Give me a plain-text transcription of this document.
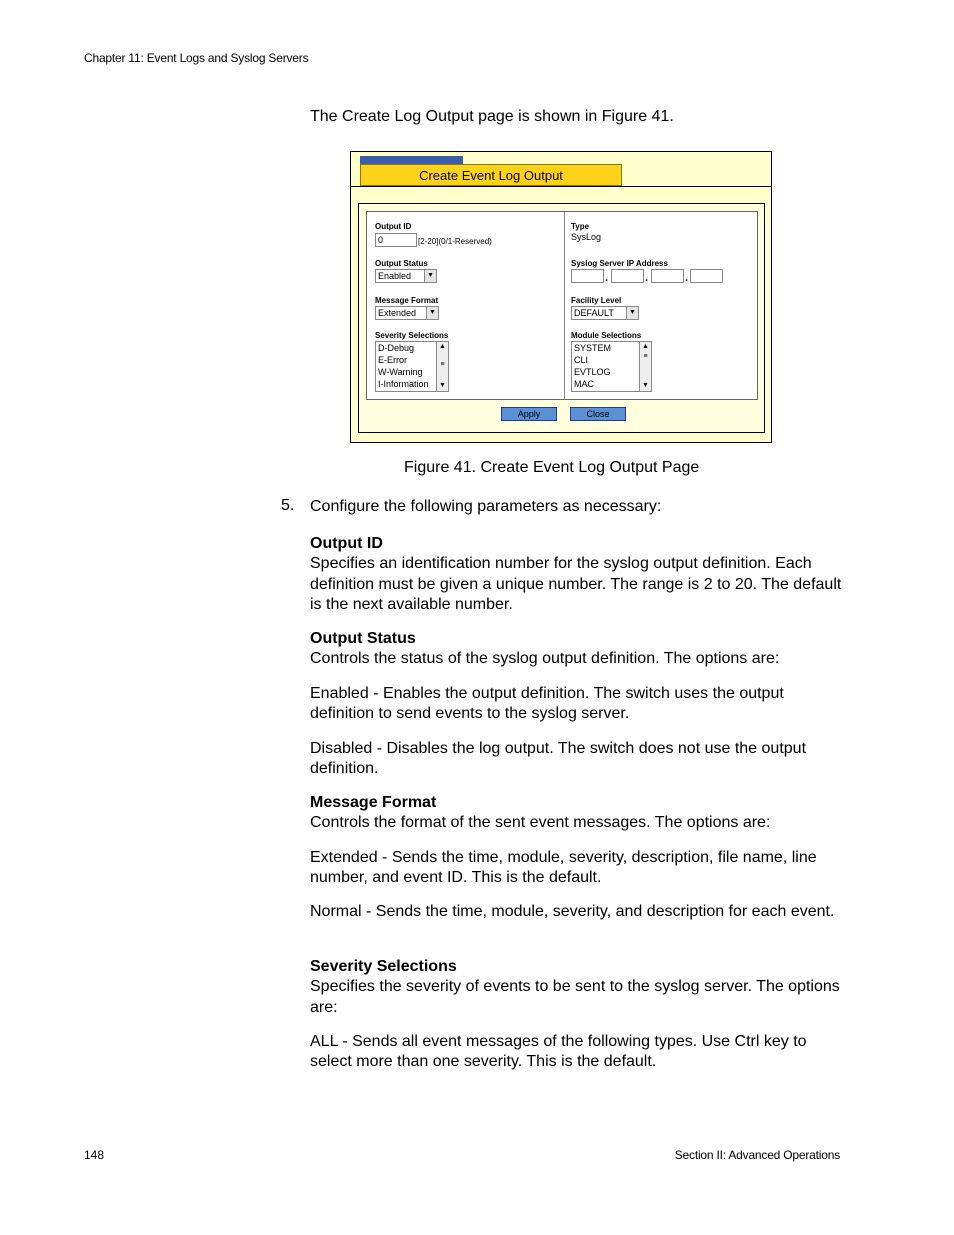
Chapter 11: Event Logs and Syslog Servers
The Create Log Output page is shown in Figure 41.
Create Event Log Output
Output ID
0	[2-20](0/1-Reserved)
Output Status
Enabled	▼
Message Format
Extended	▼
Severity Selections
D-Debug
E-Error
W-Warning
I-Information
▲
≡
▼
Type
SysLog
Syslog Server IP Address
.	.	.
Facility Level
DEFAULT	▼
Module Selections
SYSTEM
CLI
EVTLOG
MAC
▲
≡
▼
Apply	Close
Figure 41. Create Event Log Output Page
5. Configure the following parameters as necessary:
Output ID
Specifies an identification number for the syslog output definition. Each definition must be given a unique number. The range is 2 to 20. The default is the next available number.
Output Status
Controls the status of the syslog output definition. The options are:
Enabled - Enables the output definition. The switch uses the output definition to send events to the syslog server.
Disabled - Disables the log output. The switch does not use the output definition.
Message Format
Controls the format of the sent event messages. The options are:
Extended - Sends the time, module, severity, description, file name, line number, and event ID. This is the default.
Normal - Sends the time, module, severity, and description for each event.
Severity Selections
Specifies the severity of events to be sent to the syslog server. The options are:
ALL - Sends all event messages of the following types. Use Ctrl key to select more than one severity. This is the default.
148	Section II: Advanced Operations
